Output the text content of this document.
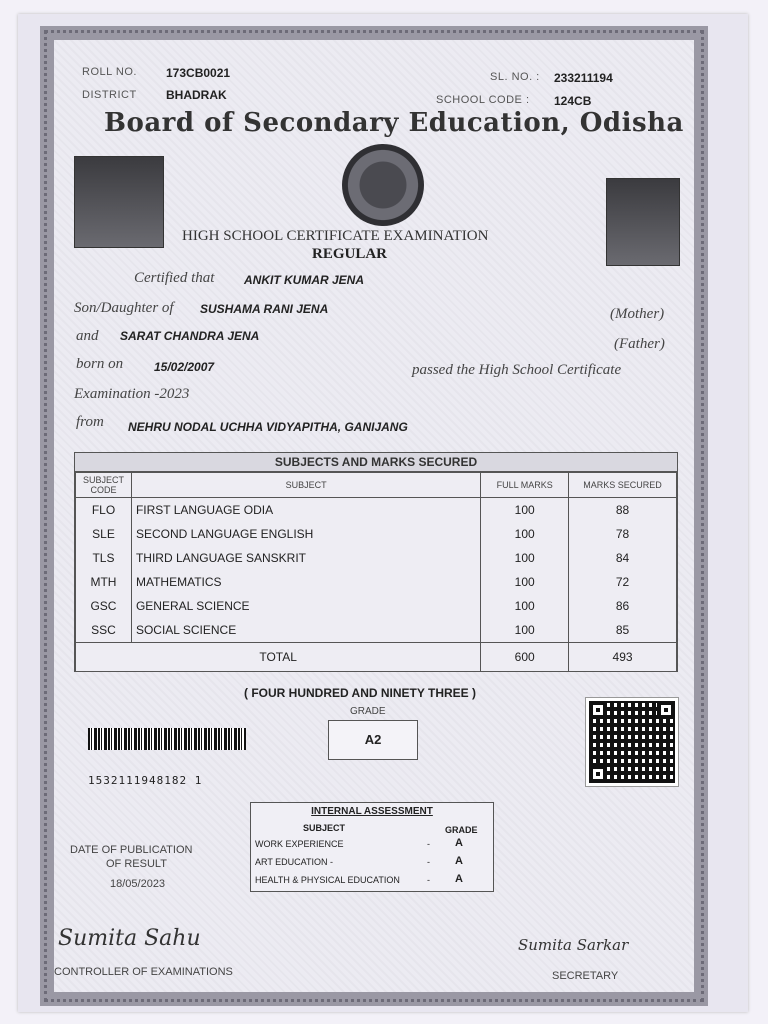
ROLL NO. 173CB0021
DISTRICT BHADRAK
SL. NO. : 233211194
SCHOOL CODE : 124CB
Board of Secondary Education, Odisha
HIGH SCHOOL CERTIFICATE EXAMINATION
REGULAR
Certified that ANKIT KUMAR JENA
Son/Daughter of SUSHAMA RANI JENA	(Mother)
and SARAT CHANDRA JENA	(Father)
born on	15/02/2007	passed the High School Certificate
Examination -2023
from NEHRU NODAL UCHHA VIDYAPITHA, GANIJANG
SUBJECTS AND MARKS SECURED
SUBJECT CODE	SUBJECT	FULL MARKS	MARKS SECURED
FLO	FIRST LANGUAGE ODIA	100	88
SLE	SECOND LANGUAGE ENGLISH	100	78
TLS	THIRD LANGUAGE SANSKRIT	100	84
MTH	MATHEMATICS	100	72
GSC	GENERAL SCIENCE	100	86
SSC	SOCIAL SCIENCE	100	85
TOTAL		600	493
( FOUR HUNDRED AND NINETY THREE )
GRADE
A2
1532111948182 1
INTERNAL ASSESSMENT
SUBJECT	GRADE
WORK EXPERIENCE	- A
ART EDUCATION -	- A
HEALTH & PHYSICAL EDUCATION	- A
DATE OF PUBLICATION
OF RESULT
18/05/2023
Sumita Sahu
CONTROLLER OF EXAMINATIONS
Sumita Sarkar
SECRETARY
